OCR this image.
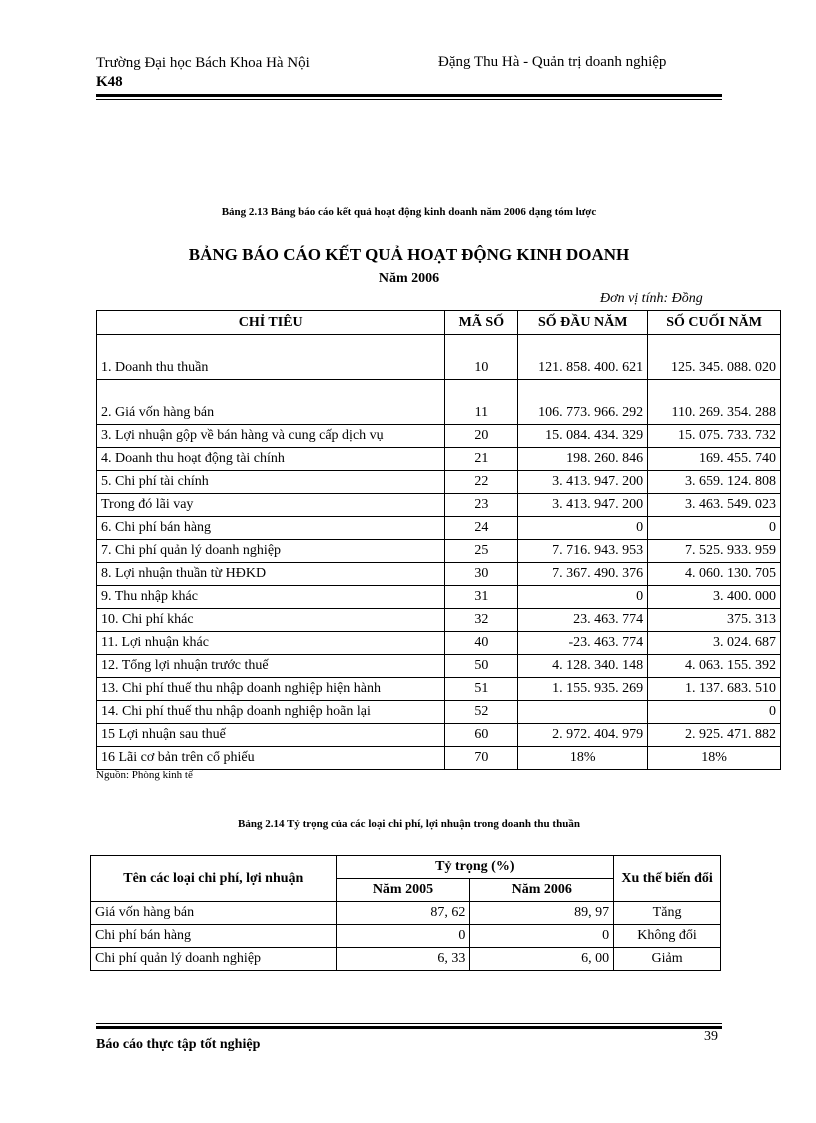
Trường Đại học Bách Khoa Hà Nội
K48
Đặng Thu Hà - Quản trị doanh nghiệp
Bảng 2.13 Bảng báo cáo kết quả hoạt động kinh doanh năm 2006 dạng tóm lược
BẢNG BÁO CÁO KẾT QUẢ HOẠT ĐỘNG KINH DOANH
Năm 2006
Đơn vị tính: Đồng
CHỈ TIÊU	MÃ SỐ	SỐ ĐẦU NĂM	SỐ CUỐI NĂM
1. Doanh thu thuần	10	121. 858. 400. 621	125. 345. 088. 020
2. Giá vốn hàng bán	11	106. 773. 966. 292	110. 269. 354. 288
3. Lợi nhuận gộp về bán hàng và cung cấp dịch vụ	20	15. 084. 434. 329	15. 075. 733. 732
4. Doanh thu hoạt động tài chính	21	198. 260. 846	169. 455. 740
5. Chi phí tài chính	22	3. 413. 947. 200	3. 659. 124. 808
Trong đó lãi vay	23	3. 413. 947. 200	3. 463. 549. 023
6. Chi phí bán hàng	24	0	0
7. Chi phí quản lý doanh nghiệp	25	7. 716. 943. 953	7. 525. 933. 959
8. Lợi nhuận thuần từ HĐKD	30	7. 367. 490. 376	4. 060. 130. 705
9. Thu nhập khác	31	0	3. 400. 000
10. Chi phí khác	32	23. 463. 774	375. 313
11. Lợi nhuận khác	40	-23. 463. 774	3. 024. 687
12. Tổng lợi nhuận trước thuế	50	4. 128. 340. 148	4. 063. 155. 392
13. Chi phí thuế thu nhập doanh nghiệp hiện hành	51	1. 155. 935. 269	1. 137. 683. 510
14. Chi phí thuế thu nhập doanh nghiệp hoãn lại	52		0
15 Lợi nhuận sau thuế	60	2. 972. 404. 979	2. 925. 471. 882
16 Lãi cơ bản trên cổ phiếu	70	18%	18%
Nguồn: Phòng kinh tế
Bảng 2.14 Tỷ trọng của các loại chi phí, lợi nhuận trong doanh thu thuần
Tên các loại chi phí, lợi nhuận	Tỷ trọng (%)		Xu thế biến đổi
	Năm 2005	Năm 2006	
Giá vốn hàng bán	87, 62	89, 97	Tăng
Chi phí bán hàng	0	0	Không đổi
Chi phí quản lý doanh nghiệp	6, 33	6, 00	Giảm
Báo cáo thực tập tốt nghiệp
39
